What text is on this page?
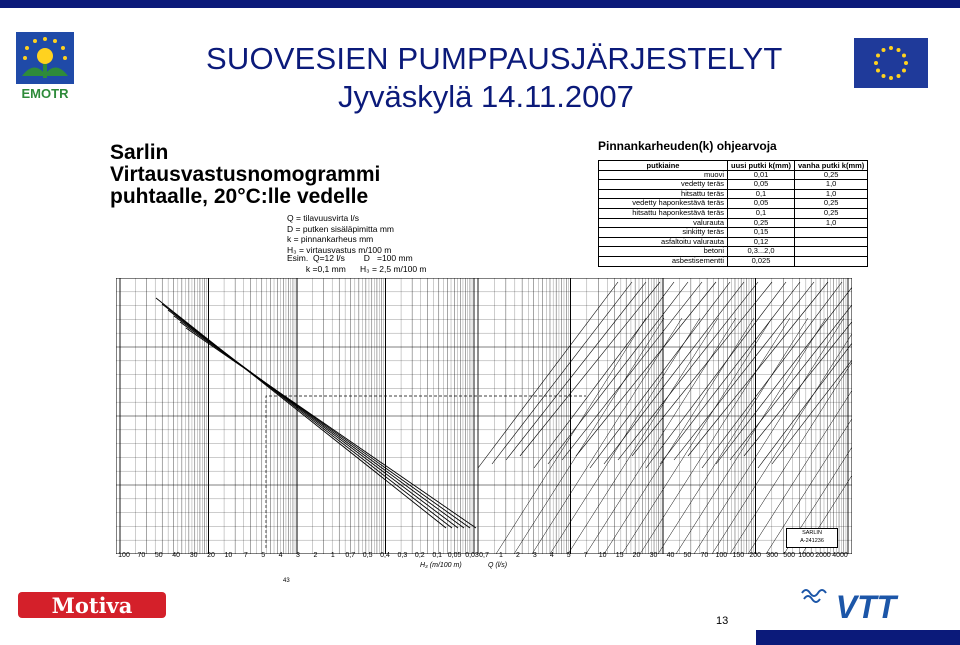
EMOTR
SUOVESIEN PUMPPAUSJÄRJESTELYT
Jyväskylä 14.11.2007
Sarlin
Virtausvastusnomogrammi
puhtaalle, 20°C:lle vedelle
Q = tilavuusvirta l/s
D = putken sisäläpimitta mm
k = pinnankarheus mm
H₃ = virtausvastus m/100 m
Esim.  Q=12 l/s        D   =100 mm
k =0,1 mm      H₃ = 2,5 m/100 m
Pinnankarheuden(k) ohjearvoja
putkiaine	uusi putki k(mm)	vanha putki k(mm)
muovi	0,01	0,25
vedetty teräs	0,05	1,0
hitsattu teräs	0,1	1,0
vedetty haponkestävä teräs	0,05	0,25
hitsattu haponkestävä teräs	0,1	0,25
valurauta	0,25	1,0
sinkitty teräs	0,15	
asfaltoitu valurauta	0,12	
betoni	0,3...2,0	
asbestisementti	0,025	
SARLIN
A-241236
100 70 50 40 30 20 10 7 5 4 3 2 1 0,7 0,5 0,4 0,3 0,2 0,1 0,05 0,03 0,7 1 2 3 4 5 7 10 15 20 30 40 50 70 100 150 200 300 500 1000 2000 4000
H₃ (m/100 m)	Q (l/s)
43
Motiva	VTT
13
